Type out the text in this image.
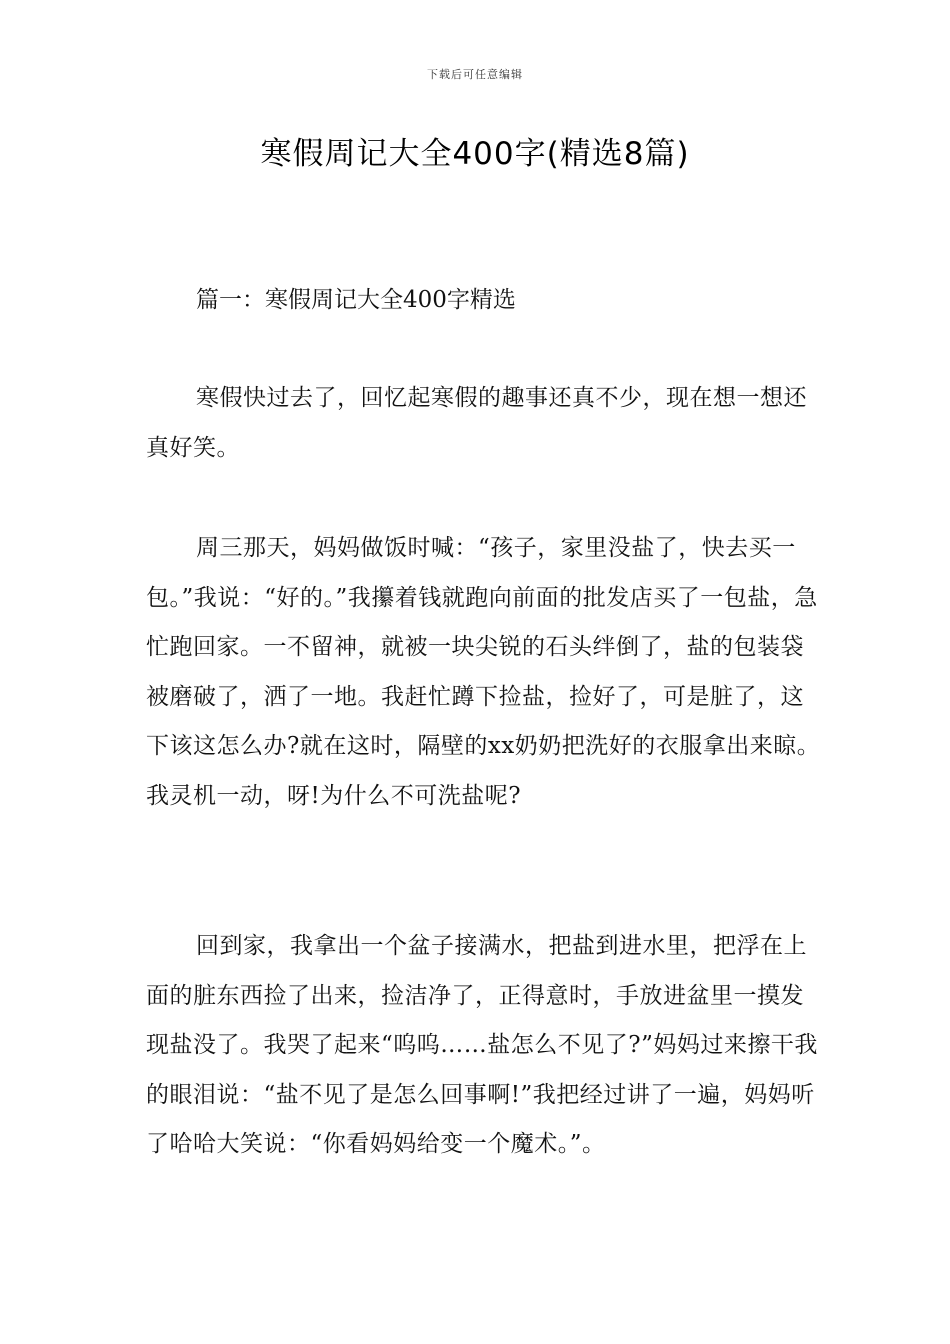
下载后可任意编辑
寒假周记大全400字(精选8篇)
篇一：寒假周记大全400字精选

寒假快过去了，回忆起寒假的趣事还真不少，现在想一想还真好笑。

周三那天，妈妈做饭时喊：“孩子，家里没盐了，快去买一包。”我说：“好的。”我攥着钱就跑向前面的批发店买了一包盐，急忙跑回家。一不留神，就被一块尖锐的石头绊倒了，盐的包装袋被磨破了，洒了一地。我赶忙蹲下捡盐，捡好了，可是脏了，这下该这怎么办?就在这时，隔壁的xx奶奶把洗好的衣服拿出来晾。我灵机一动，呀!为什么不可洗盐呢?

回到家，我拿出一个盆子接满水，把盐到进水里，把浮在上面的脏东西捡了出来，捡洁净了，正得意时，手放进盆里一摸发现盐没了。我哭了起来“呜呜……盐怎么不见了?”妈妈过来擦干我的眼泪说：“盐不见了是怎么回事啊!”我把经过讲了一遍，妈妈听了哈哈大笑说：“你看妈妈给变一个魔术。”。
